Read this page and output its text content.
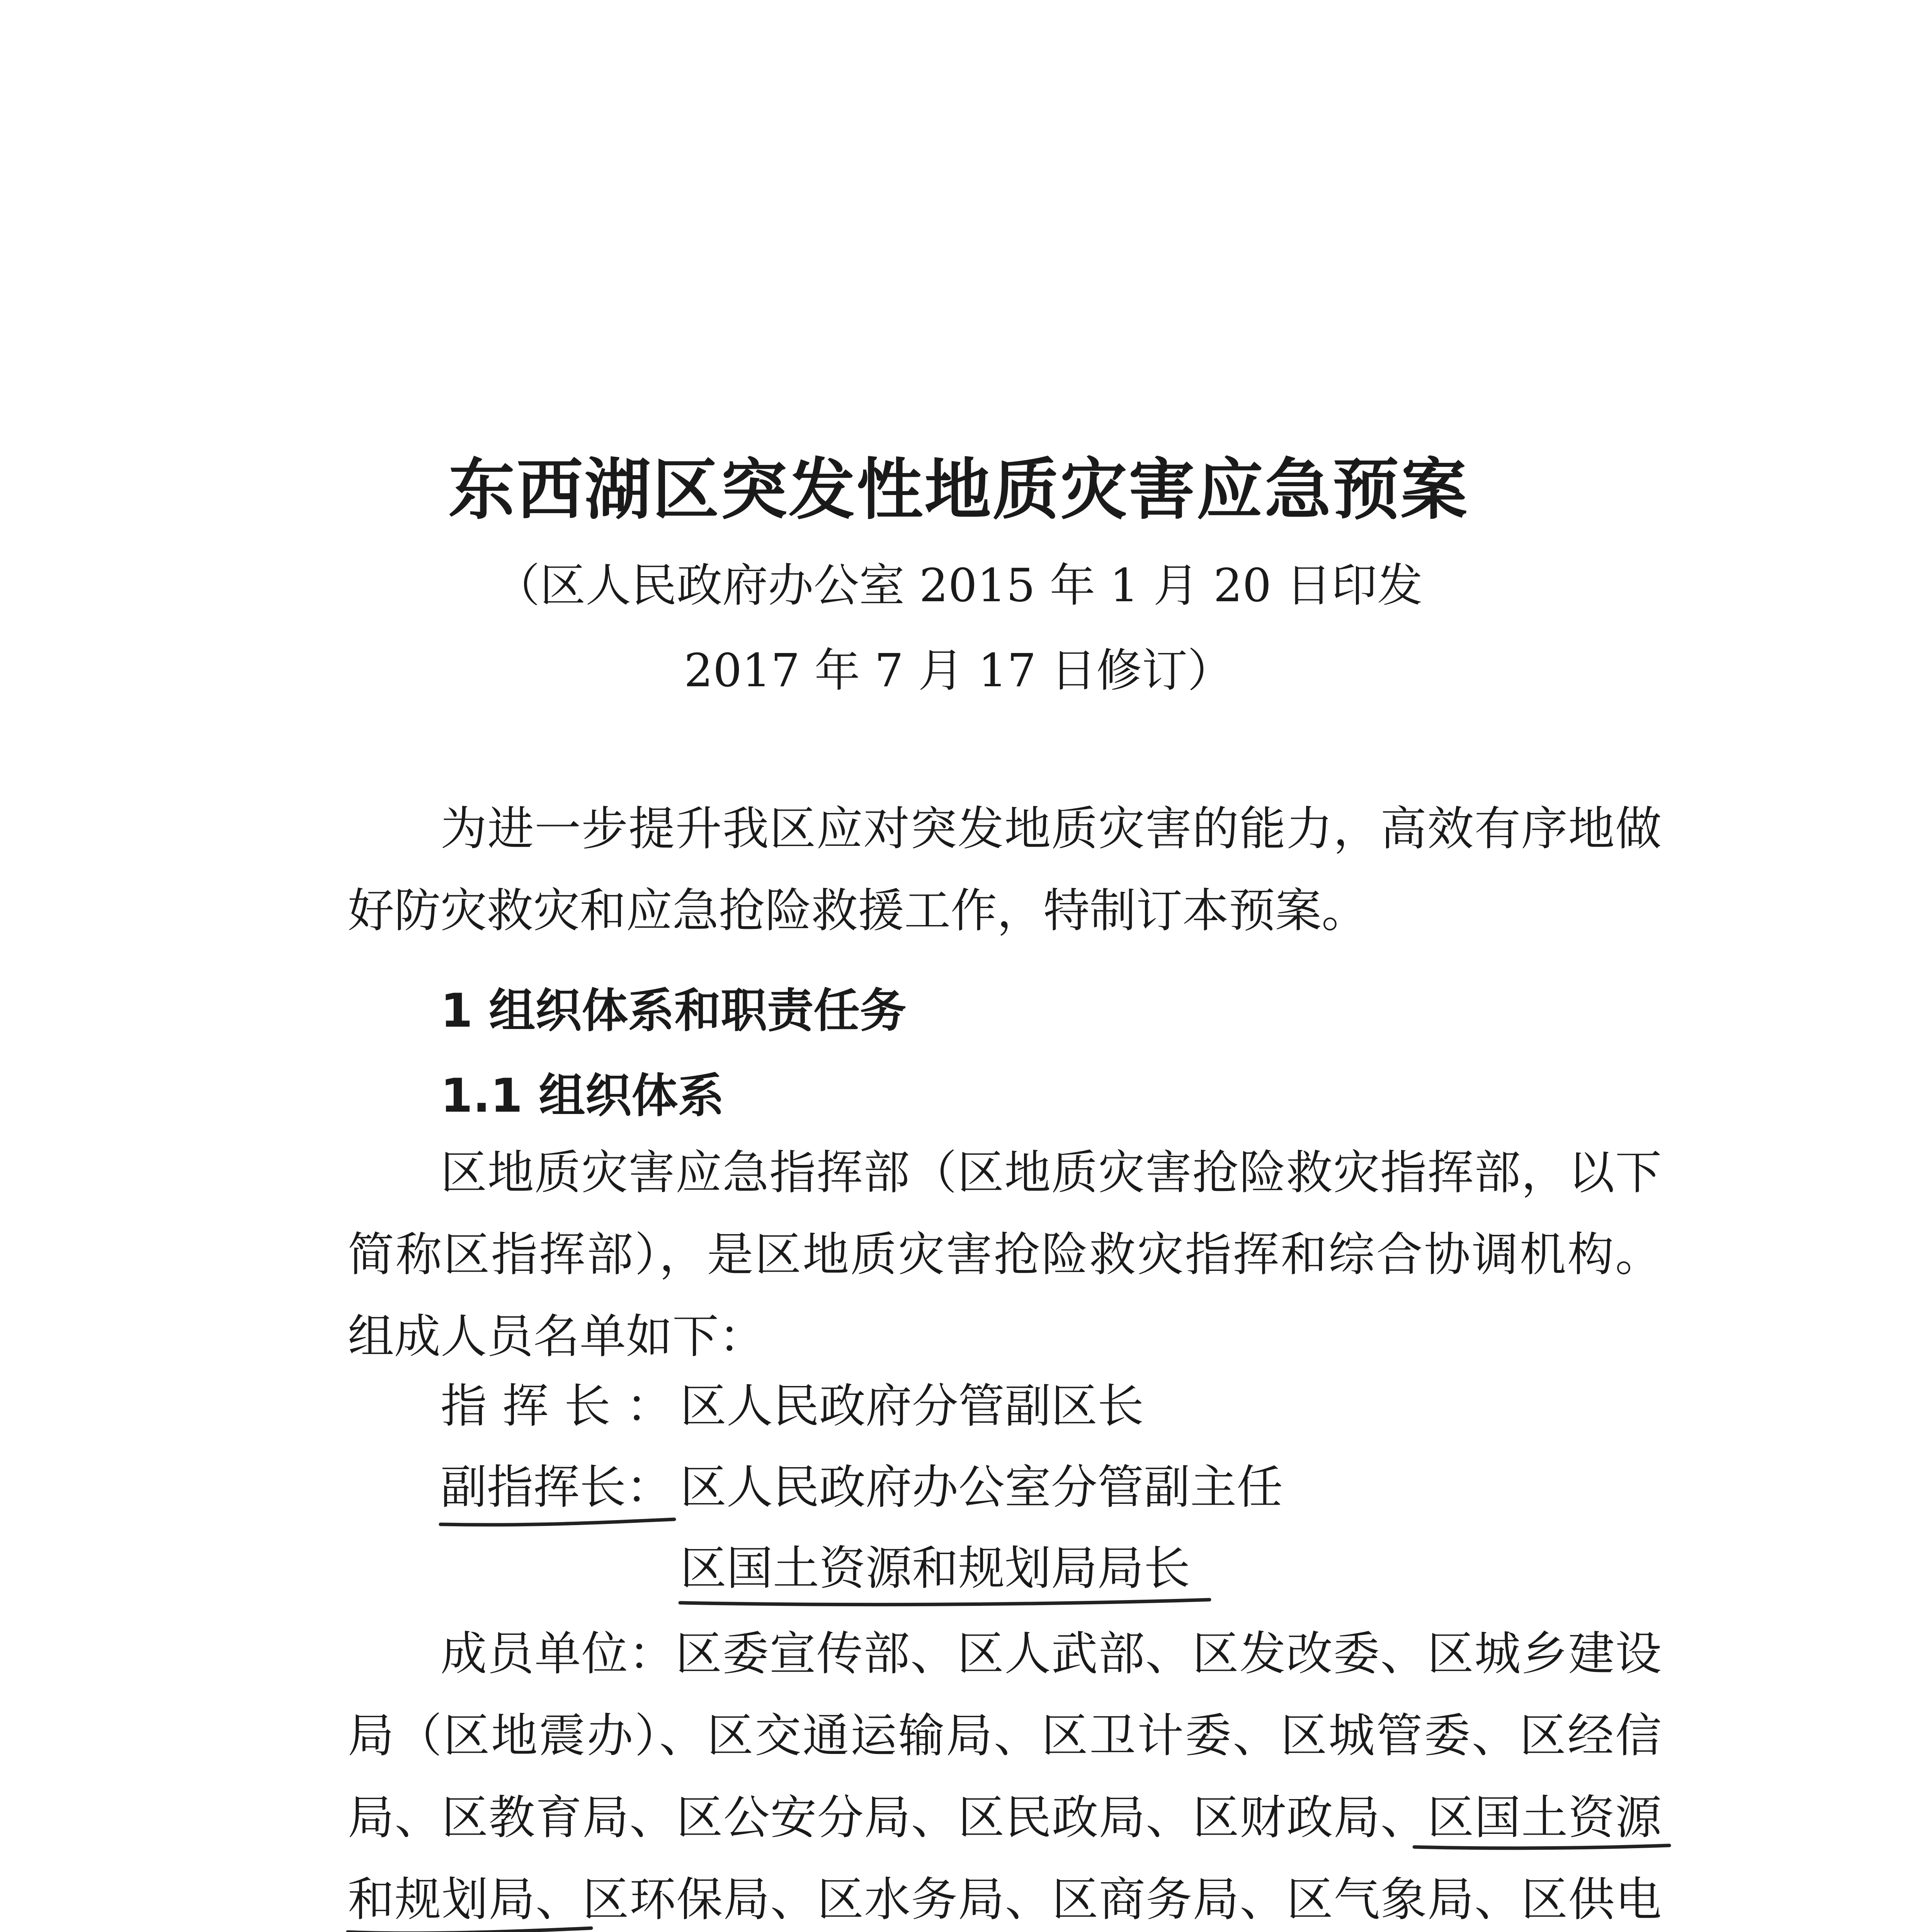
东西湖区突发性地质灾害应急预案
（区人民政府办公室 2015 年 1 月 20 日印发
2017 年 7 月 17 日修订）
为进一步提升我区应对突发地质灾害的能力，高效有序地做好防灾救灾和应急抢险救援工作，特制订本预案。
1 组织体系和职责任务
1.1 组织体系
区地质灾害应急指挥部（区地质灾害抢险救灾指挥部，以下简称区指挥部），是区地质灾害抢险救灾指挥和综合协调机构。组成人员名单如下：
指挥长：
区人民政府分管副区长
副指挥长： 区人民政府办公室分管副主任
区国土资源和规划局局长
成员单位：区委宣传部、区人武部、区发改委、区城乡建设局（区地震办）、区交通运输局、区卫计委、区城管委、区经信局、区教育局、区公安分局、区民政局、区财政局、区国土资源和规划局、区环保局、区水务局、区商务局、区气象局、区供电
